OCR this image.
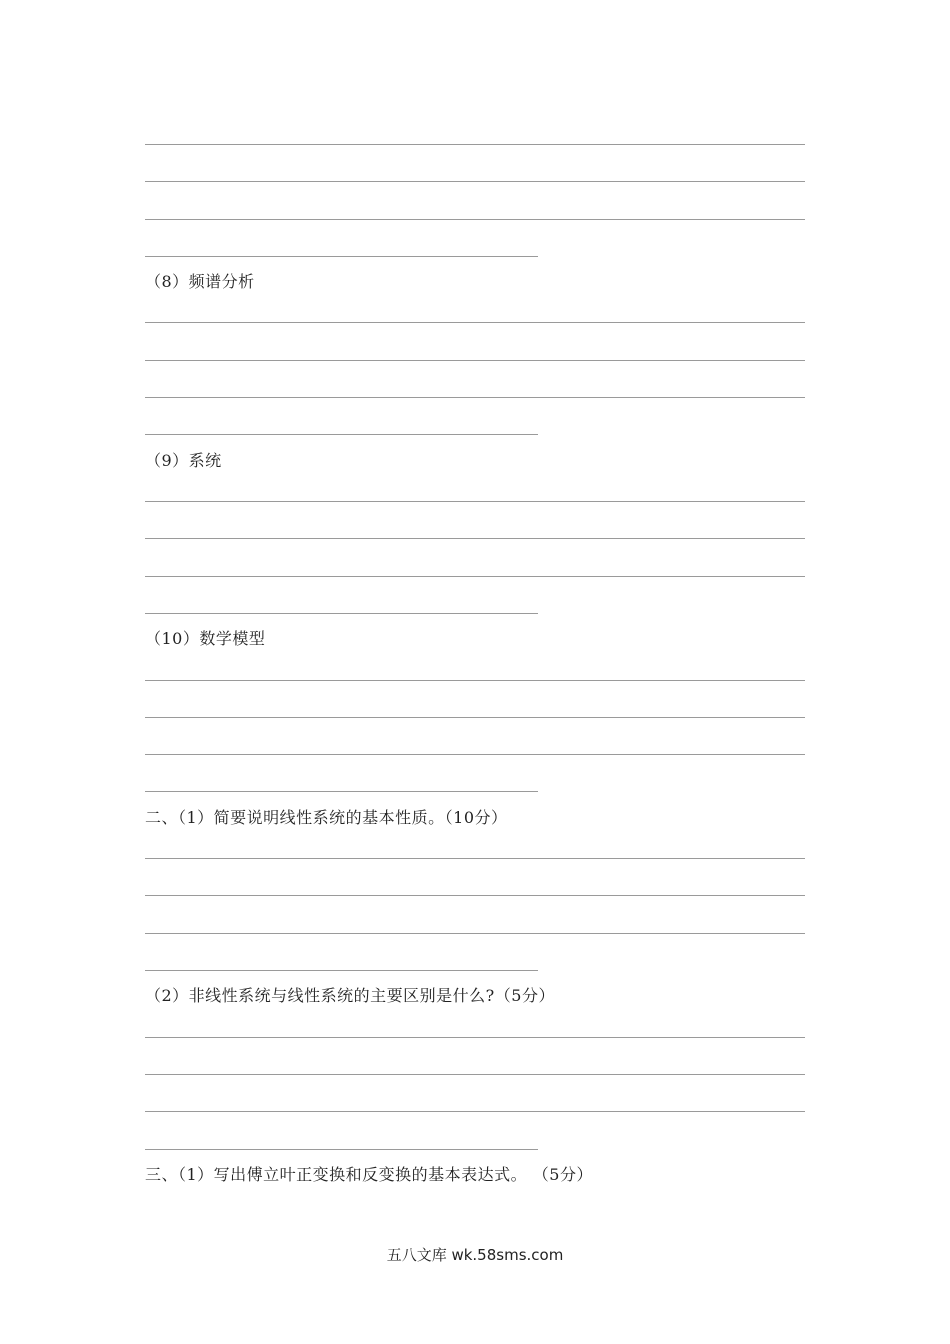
（8）频谱分析
（9）系统
（10）数学模型
二、（1）简要说明线性系统的基本性质。（10分）
（2）非线性系统与线性系统的主要区别是什么?（5分）
三、（1）写出傅立叶正变换和反变换的基本表达式。 （5分）
五八文库 wk.58sms.com
